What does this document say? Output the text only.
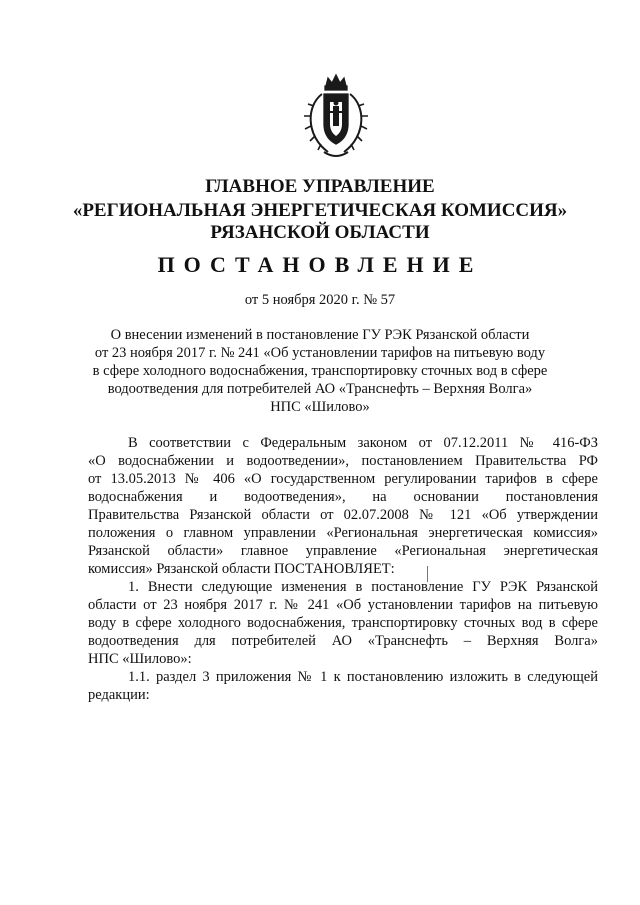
ГЛАВНОЕ УПРАВЛЕНИЕ
«РЕГИОНАЛЬНАЯ ЭНЕРГЕТИЧЕСКАЯ КОМИССИЯ»
РЯЗАНСКОЙ ОБЛАСТИ
ПОСТАНОВЛЕНИЕ
от 5 ноября 2020 г. № 57
О внесении изменений в постановление ГУ РЭК Рязанской области
от 23 ноября 2017 г. № 241 «Об установлении тарифов на питьевую воду
в сфере холодного водоснабжения, транспортировку сточных вод в сфере
водоотведения для потребителей АО «Транснефть – Верхняя Волга»
НПС «Шилово»
В соответствии с Федеральным законом от 07.12.2011 № 416-ФЗ
«О водоснабжении и водоотведении», постановлением Правительства РФ
от 13.05.2013 № 406 «О государственном регулировании тарифов в сфере
водоснабжения и водоотведения», на основании постановления
Правительства Рязанской области от 02.07.2008 № 121 «Об утверждении
положения о главном управлении «Региональная энергетическая комиссия»
Рязанской области» главное управление «Региональная энергетическая
комиссия» Рязанской области ПОСТАНОВЛЯЕТ:
1. Внести следующие изменения в постановление ГУ РЭК Рязанской
области от 23 ноября 2017 г. № 241 «Об установлении тарифов на питьевую
воду в сфере холодного водоснабжения, транспортировку сточных вод в сфере
водоотведения для потребителей АО «Транснефть – Верхняя Волга»
НПС «Шилово»:
1.1. раздел 3 приложения № 1 к постановлению изложить в следующей
редакции:
